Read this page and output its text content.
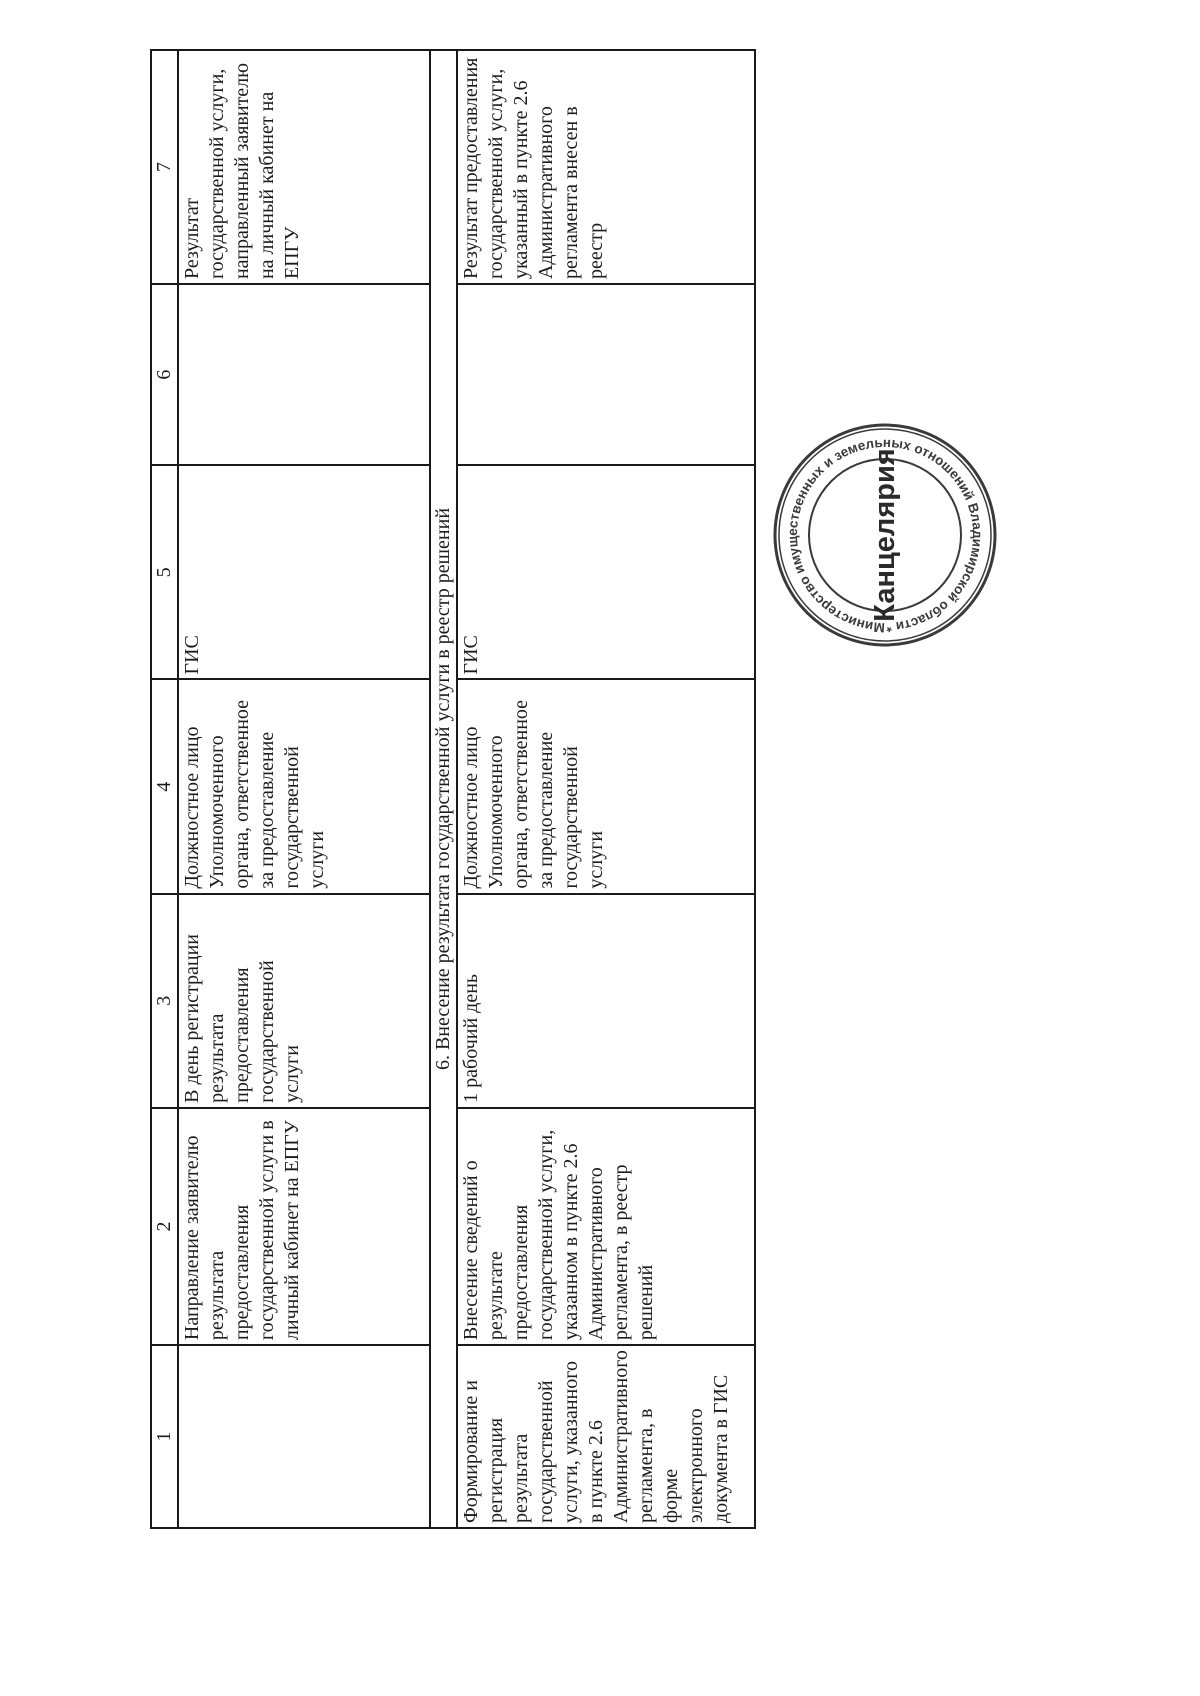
1	2	3	4	5	6	7
	Направление заявителю результата предоставления государственной услуги в личный кабинет на ЕПГУ	В день регистрации результата предоставления государственной услуги	Должностное лицо Уполномоченного органа, ответственное за предоставление государственной услуги	ГИС		Результат государственной услуги, направленный заявителю на личный кабинет на ЕПГУ
6. Внесение результата государственной услуги в реестр решений						
Формирование и регистрация результата государственной услуги, указанного в пункте 2.6 Административного регламента, в форме электронного документа в ГИС	Внесение сведений о результате предоставления государственной услуги, указанном в пункте 2.6 Административного регламента, в реестр решений	1 рабочий день	Должностное лицо Уполномоченного органа, ответственное за предоставление государственной услуги	ГИС		Результат предоставления государственной услуги, указанный в пункте 2.6 Административного регламента внесен в реестр
Министерство имущественных и земельных отношений Владимирской области *
Канцелярия
